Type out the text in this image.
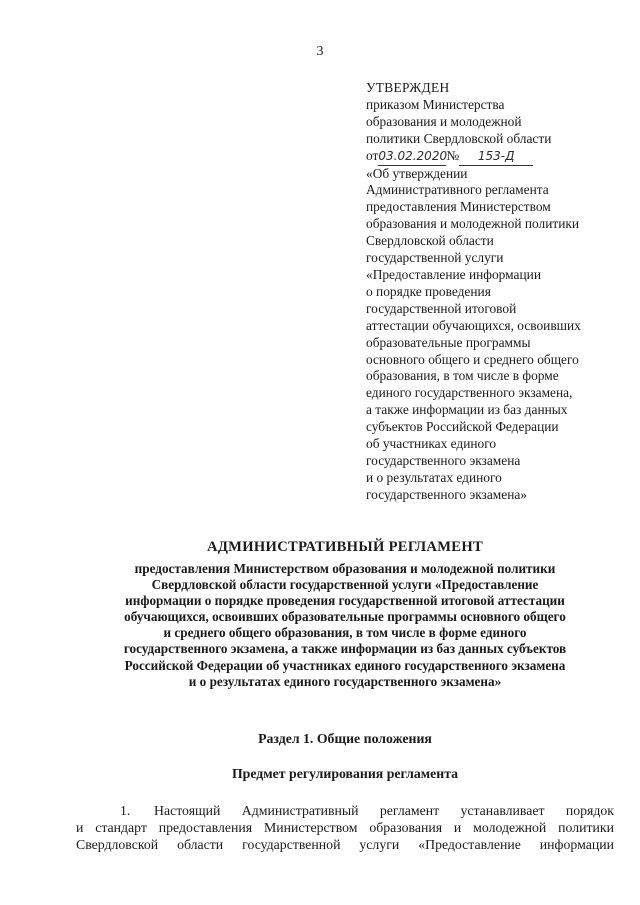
3
УТВЕРЖДЕН
приказом Министерства
образования и молодежной
политики Свердловской области
от03.02.2020№ 153-Д
«Об утверждении
Административного регламента
предоставления Министерством
образования и молодежной политики
Свердловской области
государственной услуги
«Предоставление информации
о порядке проведения
государственной итоговой
аттестации обучающихся, освоивших
образовательные программы
основного общего и среднего общего
образования, в том числе в форме
единого государственного экзамена,
а также информации из баз данных
субъектов Российской Федерации
об участниках единого
государственного экзамена
и о результатах единого
государственного экзамена»
АДМИНИСТРАТИВНЫЙ РЕГЛАМЕНТ
предоставления Министерством образования и молодежной политики
Свердловской области государственной услуги «Предоставление
информации о порядке проведения государственной итоговой аттестации
обучающихся, освоивших образовательные программы основного общего
и среднего общего образования, в том числе в форме единого
государственного экзамена, а также информации из баз данных субъектов
Российской Федерации об участниках единого государственного экзамена
и о результатах единого государственного экзамена»
Раздел 1. Общие положения
Предмет регулирования регламента
1. Настоящий Административный регламент устанавливает порядок
и стандарт предоставления Министерством образования и молодежной политики
Свердловской области государственной услуги «Предоставление информации
